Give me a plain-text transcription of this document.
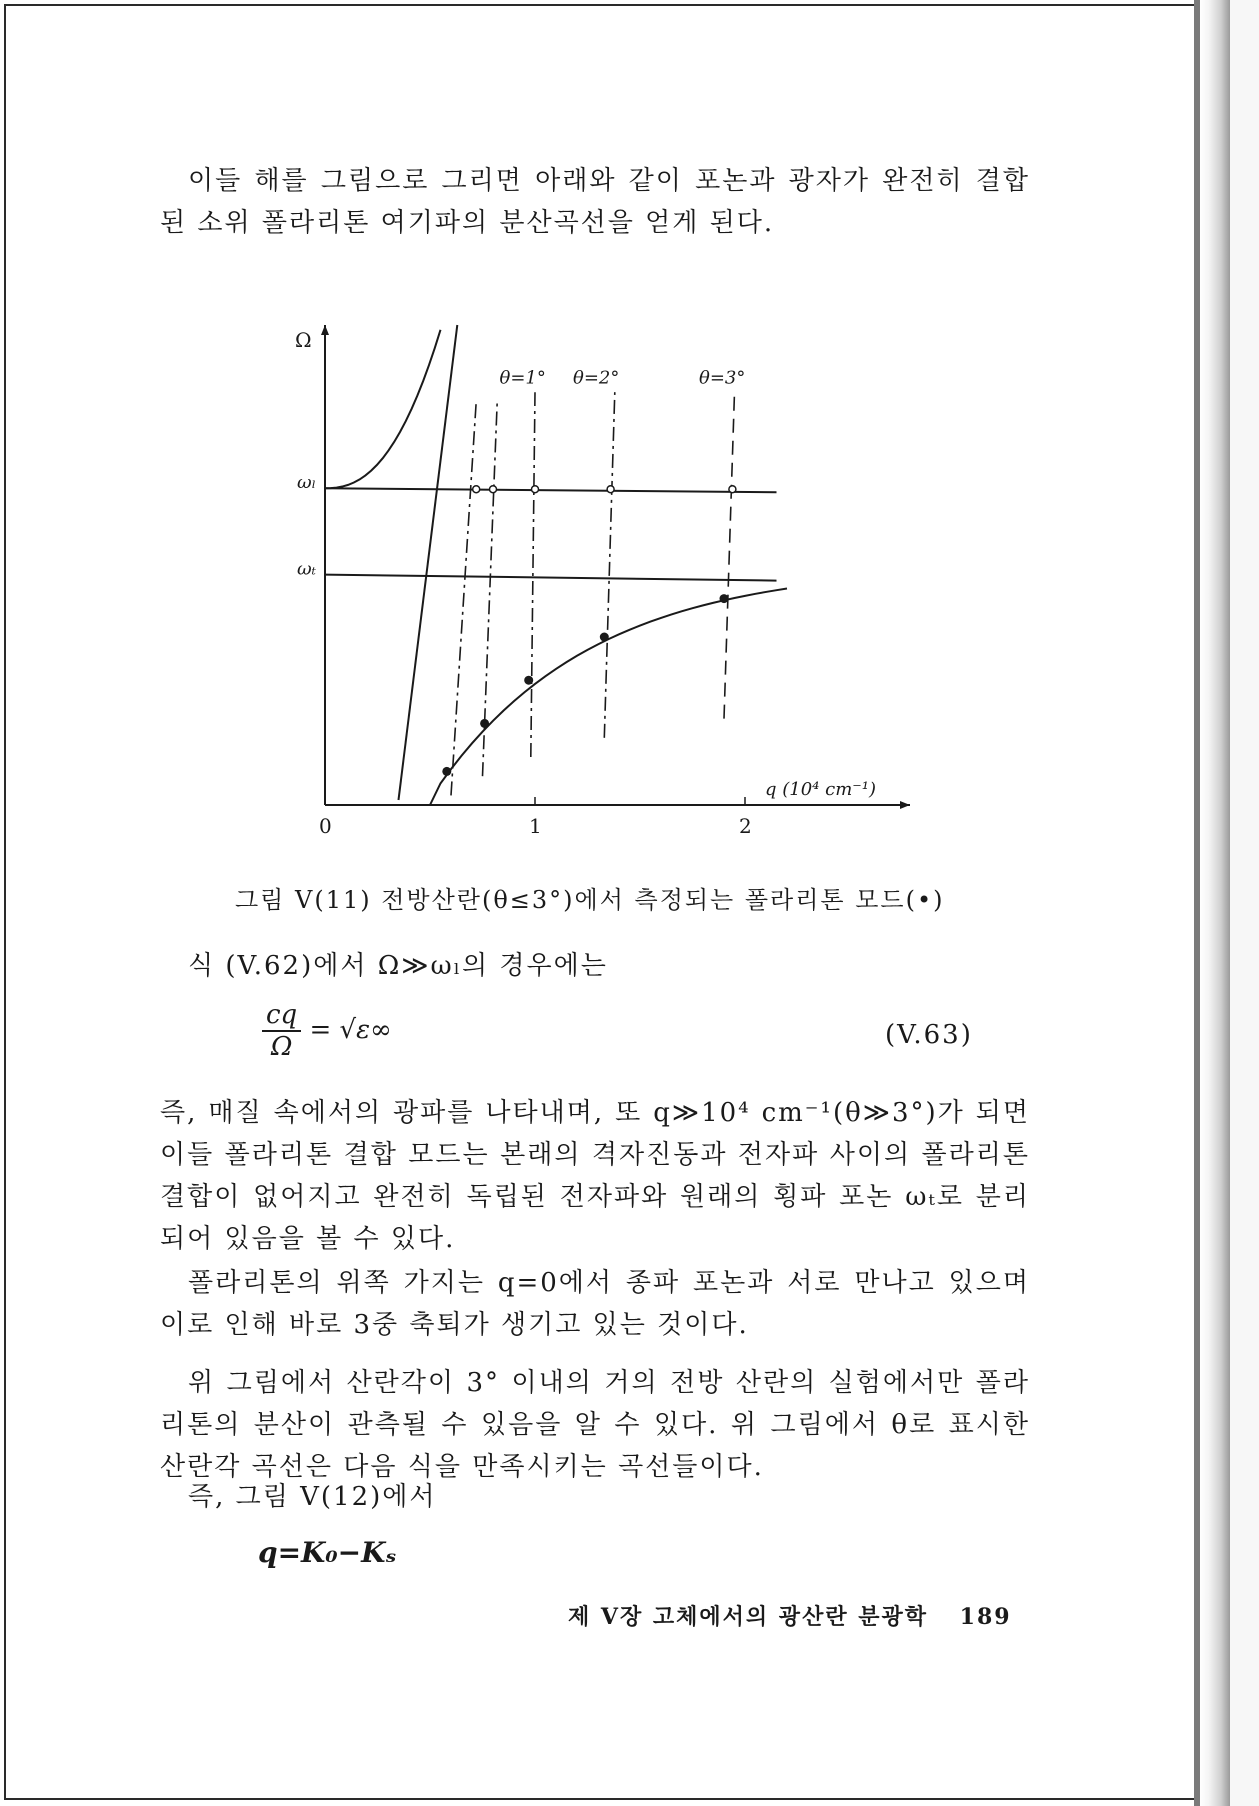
이들 해를 그림으로 그리면 아래와 같이 포논과 광자가 완전히 결합된 소위 폴라리톤 여기파의 분산곡선을 얻게 된다.

0	1	2
Ω
q (10⁴ cm⁻¹)
ωₗ
ωₜ
θ=1° θ=2°	θ=3°

그림 V(11) 전방산란(θ≤3°)에서 측정되는 폴라리톤 모드(•)

식 (V.62)에서 Ω≫ωₗ의 경우에는

$\frac{cq}{\Omega} = √\varepsilon\infty$	(V.63)

즉, 매질 속에서의 광파를 나타내며, 또 q≫10⁴ cm⁻¹(θ≫3°)가 되면 이들 폴라리톤 결합 모드는 본래의 격자진동과 전자파 사이의 폴라리톤 결합이 없어지고 완전히 독립된 전자파와 원래의 횡파 포논 ωₜ로 분리되어 있음을 볼 수 있다.

폴라리톤의 위쪽 가지는 q=0에서 종파 포논과 서로 만나고 있으며 이로 인해 바로 3중 축퇴가 생기고 있는 것이다.

위 그림에서 산란각이 3° 이내의 거의 전방 산란의 실험에서만 폴라리톤의 분산이 관측될 수 있음을 알 수 있다. 위 그림에서 θ로 표시한 산란각 곡선은 다음 식을 만족시키는 곡선들이다.

즉, 그림 V(12)에서

q=K₀−Kₛ
제 V장 고체에서의 광산란 분광학 189
